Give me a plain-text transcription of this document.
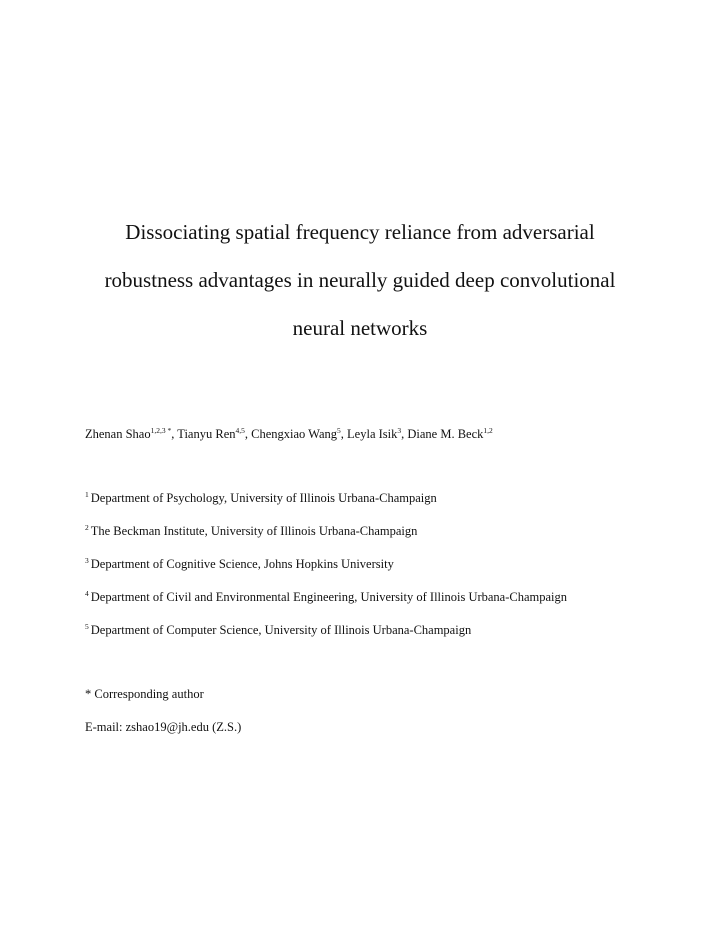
Dissociating spatial frequency reliance from adversarial
robustness advantages in neurally guided deep convolutional
neural networks
Zhenan Shao$^{1,2,3 *}$, Tianyu Ren$^{4,5}$, Chengxiao Wang$^5$, Leyla Isik$^3$, Diane M. Beck$^{1,2}$
$^1$ Department of Psychology, University of Illinois Urbana-Champaign
$^2$ The Beckman Institute, University of Illinois Urbana-Champaign
$^3$ Department of Cognitive Science, Johns Hopkins University
$^4$ Department of Civil and Environmental Engineering, University of Illinois Urbana-Champaign
$^5$ Department of Computer Science, University of Illinois Urbana-Champaign
* Corresponding author
E-mail: zshao19@jh.edu (Z.S.)
